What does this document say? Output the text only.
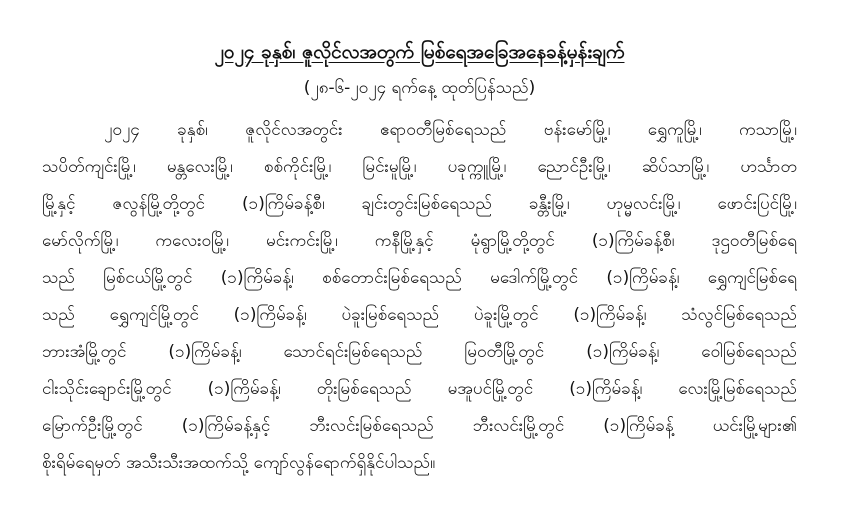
၂၀၂၄ ခုနှစ်၊ ဇူလိုင်လအတွက် မြစ်ရေအခြေအနေခန့်မှန်းချက်
(၂၈-၆-၂၀၂၄ ရက်နေ့ ထုတ်ပြန်သည်)
၂၀၂၄ ခုနှစ်၊ ဇူလိုင်လအတွင်း ဧရာဝတီမြစ်ရေသည် ဗန်းမော်မြို့၊ ရွှေကူမြို့၊ ကသာမြို့၊
သပိတ်ကျင်းမြို့၊ မန္တလေးမြို့၊ စစ်ကိုင်းမြို့၊ မြင်းမူမြို့၊ ပခုက္ကူမြို့၊ ညောင်ဦးမြို့၊ ဆိပ်သာမြို့၊ ဟင်္သာတ
မြို့နှင့် ဇလွန်မြို့တို့တွင် (၁)ကြိမ်ခန့်စီ၊ ချင်းတွင်းမြစ်ရေသည် ခန္တီးမြို့၊ ဟုမ္မလင်းမြို့၊ ဖောင်းပြင်မြို့၊
မော်လိုက်မြို့၊ ကလေးဝမြို့၊ မင်းကင်းမြို့၊ ကနီမြို့နှင့် မုံရွာမြို့တို့တွင် (၁)ကြိမ်ခန့်စီ၊ ဒုဌဝတီမြစ်ရေ
သည် မြစ်ငယ်မြို့တွင် (၁)ကြိမ်ခန့်၊ စစ်တောင်းမြစ်ရေသည် မဒေါက်မြို့တွင် (၁)ကြိမ်ခန့်၊ ရွှေကျင်မြစ်ရေ
သည် ရွှေကျင်မြို့တွင် (၁)ကြိမ်ခန့်၊ ပဲခူးမြစ်ရေသည် ပဲခူးမြို့တွင် (၁)ကြိမ်ခန့်၊ သံလွင်မြစ်ရေသည်
ဘားအံမြို့တွင် (၁)ကြိမ်ခန့်၊ သောင်ရင်းမြစ်ရေသည် မြဝတီမြို့တွင် (၁)ကြိမ်ခန့်၊ ဝေါမြစ်ရေသည်
ငါးသိုင်းချောင်းမြို့တွင် (၁)ကြိမ်ခန့်၊ တိုးမြစ်ရေသည် မအူပင်မြို့တွင် (၁)ကြိမ်ခန့်၊ လေးမြို့မြစ်ရေသည်
မြောက်ဦးမြို့တွင် (၁)ကြိမ်ခန့်နှင့် ဘီးလင်းမြစ်ရေသည် ဘီးလင်းမြို့တွင် (၁)ကြိမ်ခန့် ယင်းမြို့များ၏
စိုးရိမ်ရေမှတ် အသီးသီးအထက်သို့ ကျော်လွန်ရောက်ရှိနိုင်ပါသည်။
